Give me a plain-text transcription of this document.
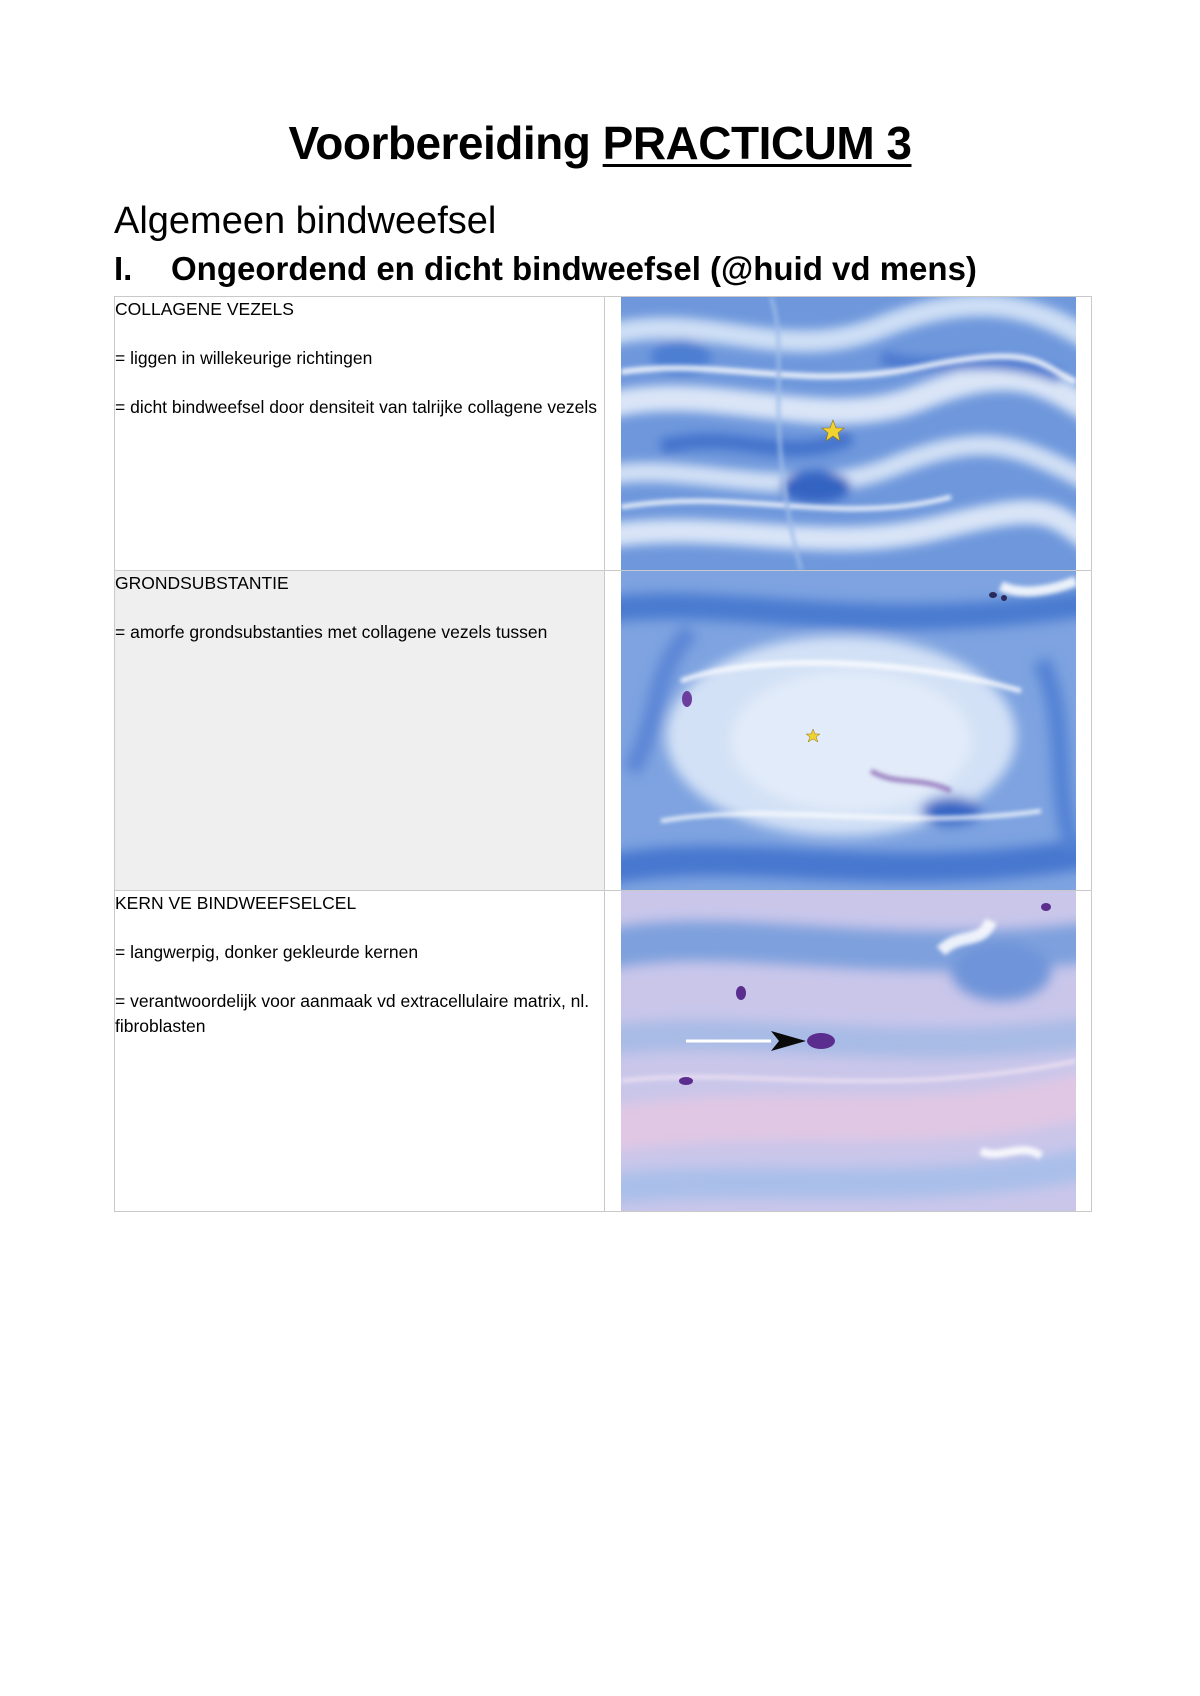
Voorbereiding PRACTICUM 3
Algemeen bindweefsel
I. Ongeordend en dicht bindweefsel (@huid vd mens)

COLLAGENE VEZELS

= liggen in willekeurige richtingen

= dicht bindweefsel door densiteit van talrijke collagene vezels

GRONDSUBSTANTIE

= amorfe grondsubstanties met collagene vezels tussen

KERN VE BINDWEEFSELCEL

= langwerpig, donker gekleurde kernen

= verantwoordelijk voor aanmaak vd extracellulaire matrix, nl. fibroblasten
